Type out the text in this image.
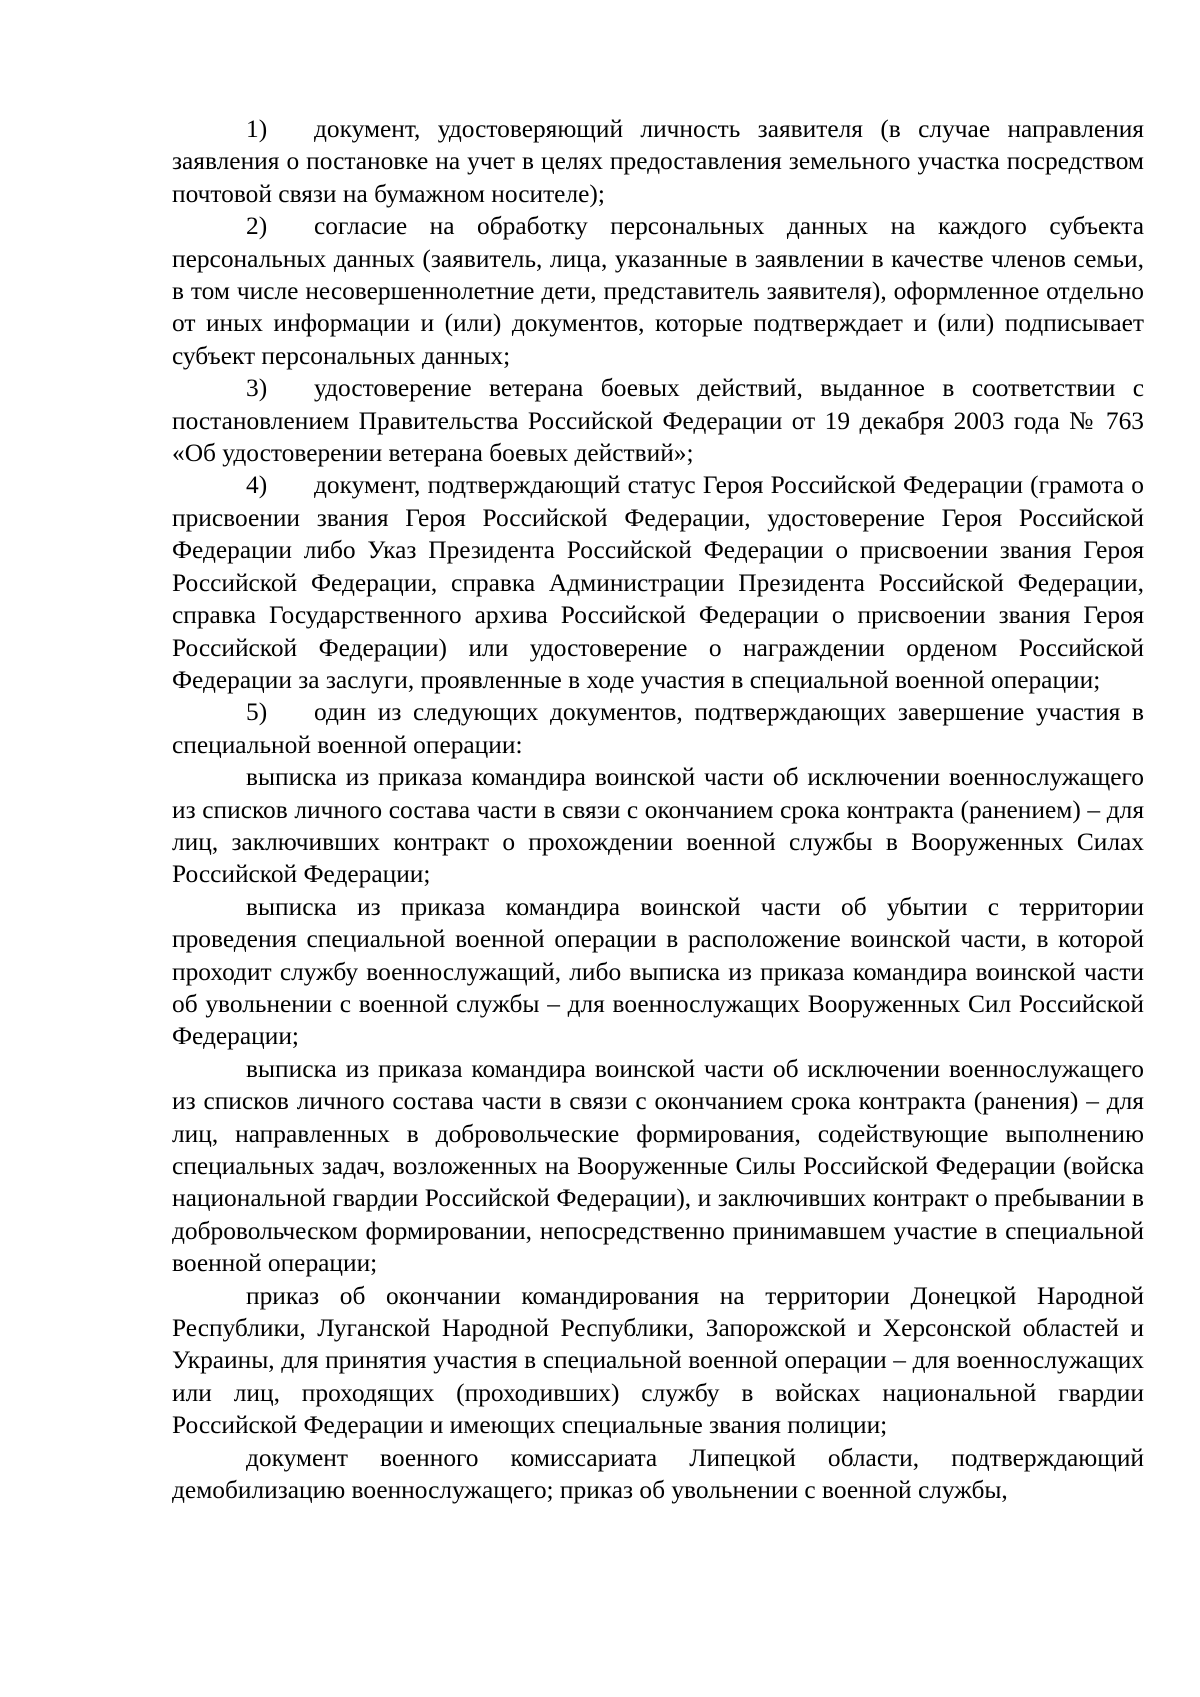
1) документ, удостоверяющий личность заявителя (в случае направления заявления о постановке на учет в целях предоставления земельного участка посредством почтовой связи на бумажном носителе);

2) согласие на обработку персональных данных на каждого субъекта персональных данных (заявитель, лица, указанные в заявлении в качестве членов семьи, в том числе несовершеннолетние дети, представитель заявителя), оформленное отдельно от иных информации и (или) документов, которые подтверждает и (или) подписывает субъект персональных данных;

3) удостоверение ветерана боевых действий, выданное в соответствии с постановлением Правительства Российской Федерации от 19 декабря 2003 года № 763 «Об удостоверении ветерана боевых действий»;

4) документ, подтверждающий статус Героя Российской Федерации (грамота о присвоении звания Героя Российской Федерации, удостоверение Героя Российской Федерации либо Указ Президента Российской Федерации о присвоении звания Героя Российской Федерации, справка Администрации Президента Российской Федерации, справка Государственного архива Российской Федерации о присвоении звания Героя Российской Федерации) или удостоверение о награждении орденом Российской Федерации за заслуги, проявленные в ходе участия в специальной военной операции;

5) один из следующих документов, подтверждающих завершение участия в специальной военной операции:

выписка из приказа командира воинской части об исключении военнослужащего из списков личного состава части в связи с окончанием срока контракта (ранением) – для лиц, заключивших контракт о прохождении военной службы в Вооруженных Силах Российской Федерации;

выписка из приказа командира воинской части об убытии с территории проведения специальной военной операции в расположение воинской части, в которой проходит службу военнослужащий, либо выписка из приказа командира воинской части об увольнении с военной службы – для военнослужащих Вооруженных Сил Российской Федерации;

выписка из приказа командира воинской части об исключении военнослужащего из списков личного состава части в связи с окончанием срока контракта (ранения) – для лиц, направленных в добровольческие формирования, содействующие выполнению специальных задач, возложенных на Вооруженные Силы Российской Федерации (войска национальной гвардии Российской Федерации), и заключивших контракт о пребывании в добровольческом формировании, непосредственно принимавшем участие в специальной военной операции;

приказ об окончании командирования на территории Донецкой Народной Республики, Луганской Народной Республики, Запорожской и Херсонской областей и Украины, для принятия участия в специальной военной операции – для военнослужащих или лиц, проходящих (проходивших) службу в войсках национальной гвардии Российской Федерации и имеющих специальные звания полиции;

документ военного комиссариата Липецкой области, подтверждающий демобилизацию военнослужащего; приказ об увольнении с военной службы,
